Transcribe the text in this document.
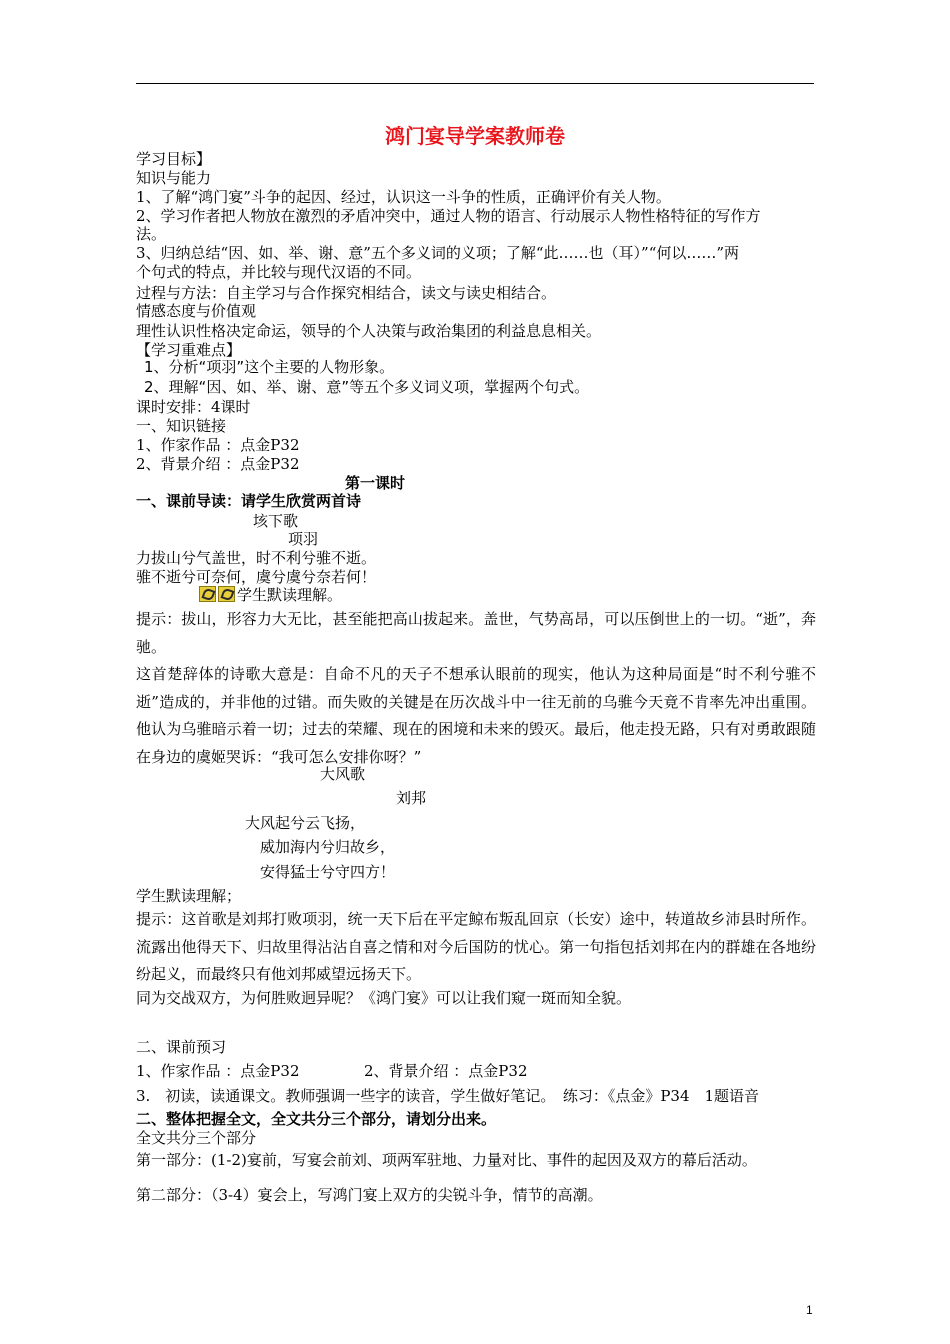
鸿门宴导学案教师卷
学习目标】
知识与能力
1、了解“鸿门宴”斗争的起因、经过，认识这一斗争的性质，正确评价有关人物。
2、学习作者把人物放在激烈的矛盾冲突中，通过人物的语言、行动展示人物性格特征的写作方
法。
3、归纳总结“因、如、举、谢、意”五个多义词的义项；了解“此……也（耳）”“何以……”两
个句式的特点，并比较与现代汉语的不同。
过程与方法：自主学习与合作探究相结合，读文与读史相结合。
情感态度与价值观
理性认识性格决定命运，领导的个人决策与政治集团的利益息息相关。
【学习重难点】
1、分析“项羽”这个主要的人物形象。
2、理解“因、如、举、谢、意”等五个多义词义项，掌握两个句式。
课时安排：4课时
一、知识链接
1、作家作品 ：点金P32
2、背景介绍 ：点金P32
第一课时
一、课前导读：请学生欣赏两首诗
垓下歌
项羽
力拔山兮气盖世，时不利兮骓不逝。
骓不逝兮可奈何，虞兮虞兮奈若何！
学生默读理解。
提示：拔山，形容力大无比，甚至能把高山拔起来。盖世，气势高昂，可以压倒世上的一切。“逝”，奔驰。
这首楚辞体的诗歌大意是：自命不凡的天子不想承认眼前的现实，他认为这种局面是“时不利兮骓不逝”造成的，并非他的过错。而失败的关键是在历次战斗中一往无前的乌骓今天竟不肯率先冲出重围。他认为乌骓暗示着一切；过去的荣耀、现在的困境和未来的毁灭。最后，他走投无路，只有对勇敢跟随在身边的虞姬哭诉：“我可怎么安排你呀？”
大风歌
刘邦
大风起兮云飞扬，
威加海内兮归故乡，
安得猛士兮守四方！
学生默读理解；
提示：这首歌是刘邦打败项羽，统一天下后在平定鲸布叛乱回京（长安）途中，转道故乡沛县时所作。流露出他得天下、归故里得沾沾自喜之情和对今后国防的忧心。第一句指包括刘邦在内的群雄在各地纷纷起义，而最终只有他刘邦威望远扬天下。
同为交战双方，为何胜败迥异呢？《鸿门宴》可以让我们窥一斑而知全貌。
二、课前预习
1、作家作品 ：点金P32	2、背景介绍 ：点金P32
3.　初读，读通课文。教师强调一些字的读音，学生做好笔记。　练习：《点金》P34　1题语音
二、整体把握全文，全文共分三个部分，请划分出来。
全文共分三个部分
第一部分：(1-2)宴前，写宴会前刘、项两军驻地、力量对比、事件的起因及双方的幕后活动。
第二部分：（3-4）宴会上，写鸿门宴上双方的尖锐斗争，情节的高潮。
1
